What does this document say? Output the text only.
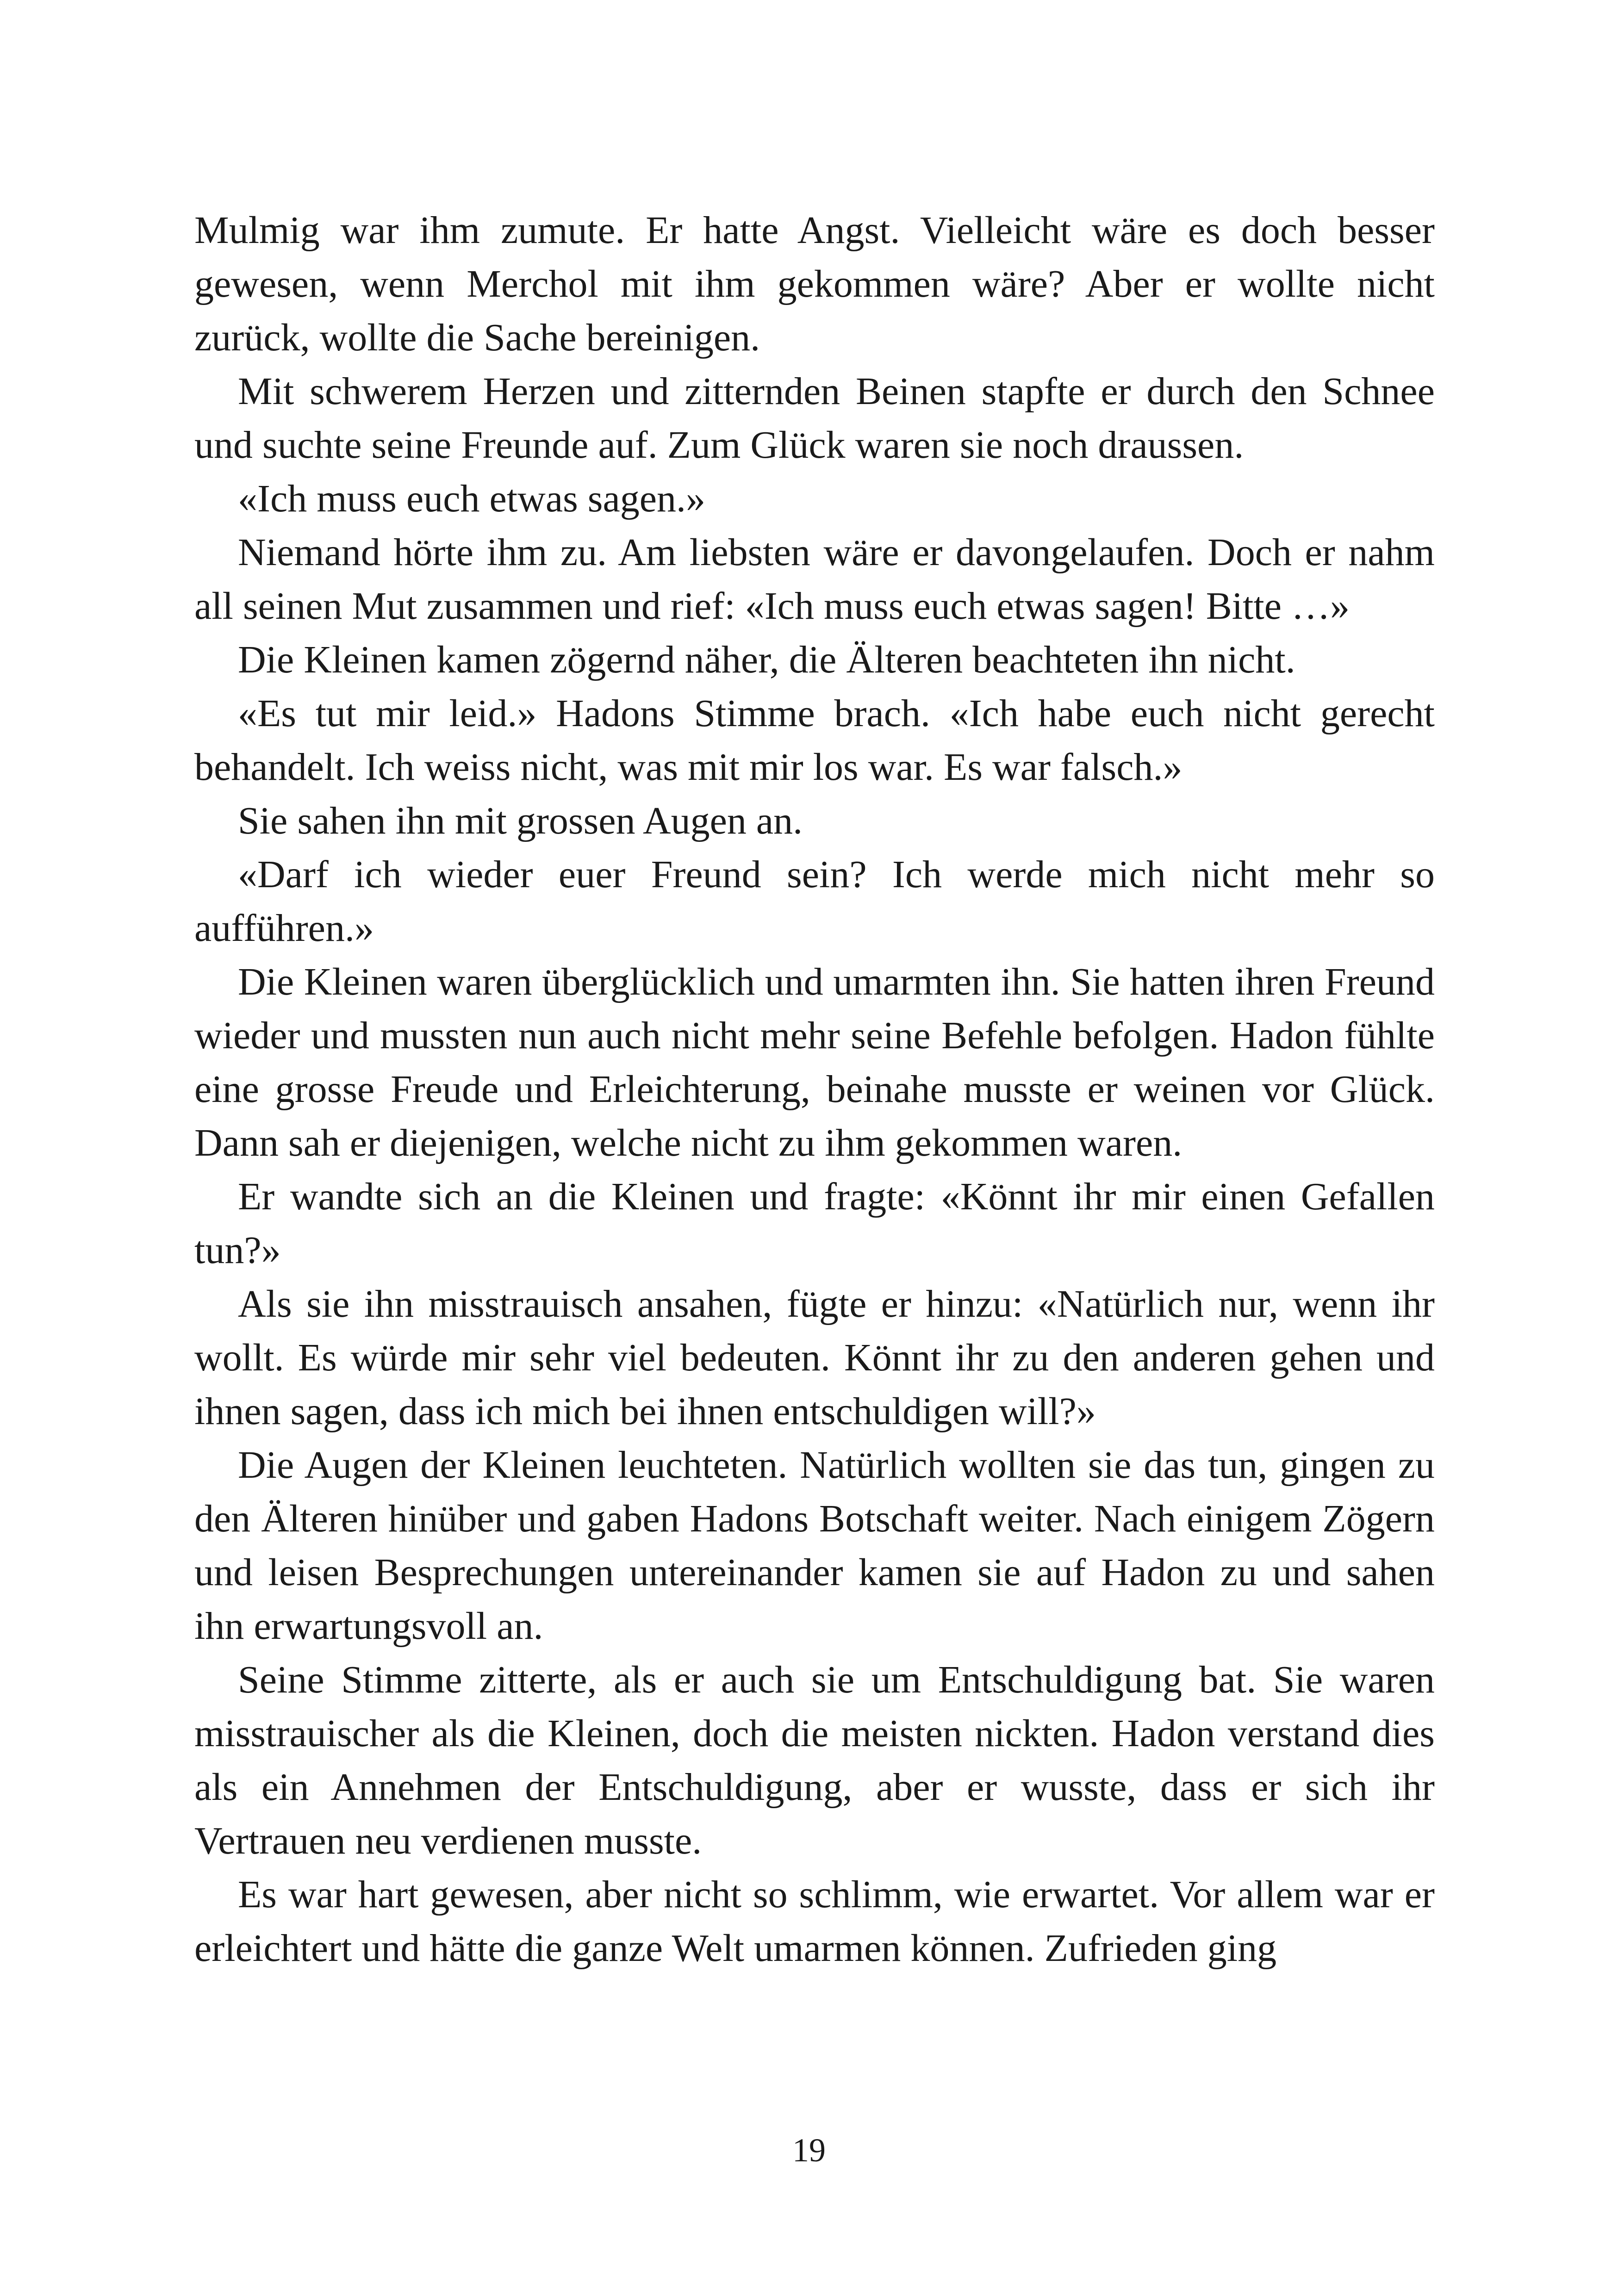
Mulmig war ihm zumute. Er hatte Angst. Vielleicht wäre es doch besser gewesen, wenn Merchol mit ihm gekommen wäre? Aber er wollte nicht zurück, wollte die Sache bereinigen.

Mit schwerem Herzen und zitternden Beinen stapfte er durch den Schnee und suchte seine Freunde auf. Zum Glück waren sie noch draussen.

«Ich muss euch etwas sagen.»

Niemand hörte ihm zu. Am liebsten wäre er davongelaufen. Doch er nahm all seinen Mut zusammen und rief: «Ich muss euch etwas sagen! Bitte …»

Die Kleinen kamen zögernd näher, die Älteren beachteten ihn nicht.

«Es tut mir leid.» Hadons Stimme brach. «Ich habe euch nicht gerecht behandelt. Ich weiss nicht, was mit mir los war. Es war falsch.»

Sie sahen ihn mit grossen Augen an.

«Darf ich wieder euer Freund sein? Ich werde mich nicht mehr so aufführen.»

Die Kleinen waren überglücklich und umarmten ihn. Sie hatten ihren Freund wieder und mussten nun auch nicht mehr seine Befehle befolgen. Hadon fühlte eine grosse Freude und Erleichterung, beinahe musste er weinen vor Glück. Dann sah er diejenigen, welche nicht zu ihm gekommen waren.

Er wandte sich an die Kleinen und fragte: «Könnt ihr mir einen Gefallen tun?»

Als sie ihn misstrauisch ansahen, fügte er hinzu: «Natürlich nur, wenn ihr wollt. Es würde mir sehr viel bedeuten. Könnt ihr zu den anderen gehen und ihnen sagen, dass ich mich bei ihnen entschuldigen will?»

Die Augen der Kleinen leuchteten. Natürlich wollten sie das tun, gingen zu den Älteren hinüber und gaben Hadons Botschaft weiter. Nach einigem Zögern und leisen Besprechungen untereinander kamen sie auf Hadon zu und sahen ihn erwartungsvoll an.

Seine Stimme zitterte, als er auch sie um Entschuldigung bat. Sie waren misstrauischer als die Kleinen, doch die meisten nickten. Hadon verstand dies als ein Annehmen der Entschuldigung, aber er wusste, dass er sich ihr Vertrauen neu verdienen musste.

Es war hart gewesen, aber nicht so schlimm, wie erwartet. Vor allem war er erleichtert und hätte die ganze Welt umarmen können. Zufrieden ging

19
